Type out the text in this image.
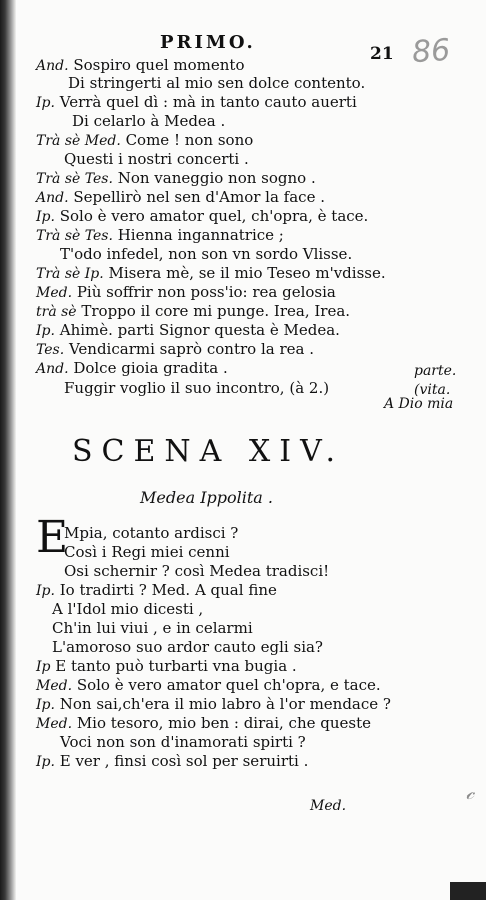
PRIMO.
21 86
And. Sospiro quel momento
Di stringerti al mio sen dolce contento.
Ip. Verrà quel dì : mà in tanto cauto auerti
Di celarlo à Medea .
Trà sè Med. Come ! non sono
Questi i nostri concerti .
Trà sè Tes. Non vaneggio non sogno .
And. Sepellirò nel sen d'Amor la face .
Ip. Solo è vero amator quel, ch'opra, è tace.
Trà sè Tes. Hienna ingannatrice ;
T'odo infedel, non son vn sordo Vlisse.
Trà sè Ip. Misera mè, se il mio Teseo m'vdisse.
Med. Più soffrir non poss'io: rea gelosia
trà sè Troppo il core mi punge. Irea, Irea.
Ip. Ahimè. parti Signor questa è Medea.
Tes. Vendicarmi saprò contro la rea .
And. Dolce gioia gradita .
Fuggir voglio il suo incontro, (à 2.)
parte.
(vita.
A Dio mia
SCENA XIV.
Medea Ippolita .
E
Mpia, cotanto ardisci ?
Così i Regi miei cenni
Osi schernir ? così Medea tradisci!
Ip. Io tradirti ? Med. A qual fine
A l'Idol mio dicesti ,
Ch'in lui viui , e in celarmi
L'amoroso suo ardor cauto egli sia?
Ip E tanto può turbarti vna bugia .
Med. Solo è vero amator quel ch'opra, e tace.
Ip. Non sai,ch'era il mio labro à l'or mendace ?
Med. Mio tesoro, mio ben : dirai, che queste
Voci non son d'inamorati spirti ?
Ip. E ver , finsi così sol per seruirti .
Med.
𝒸
